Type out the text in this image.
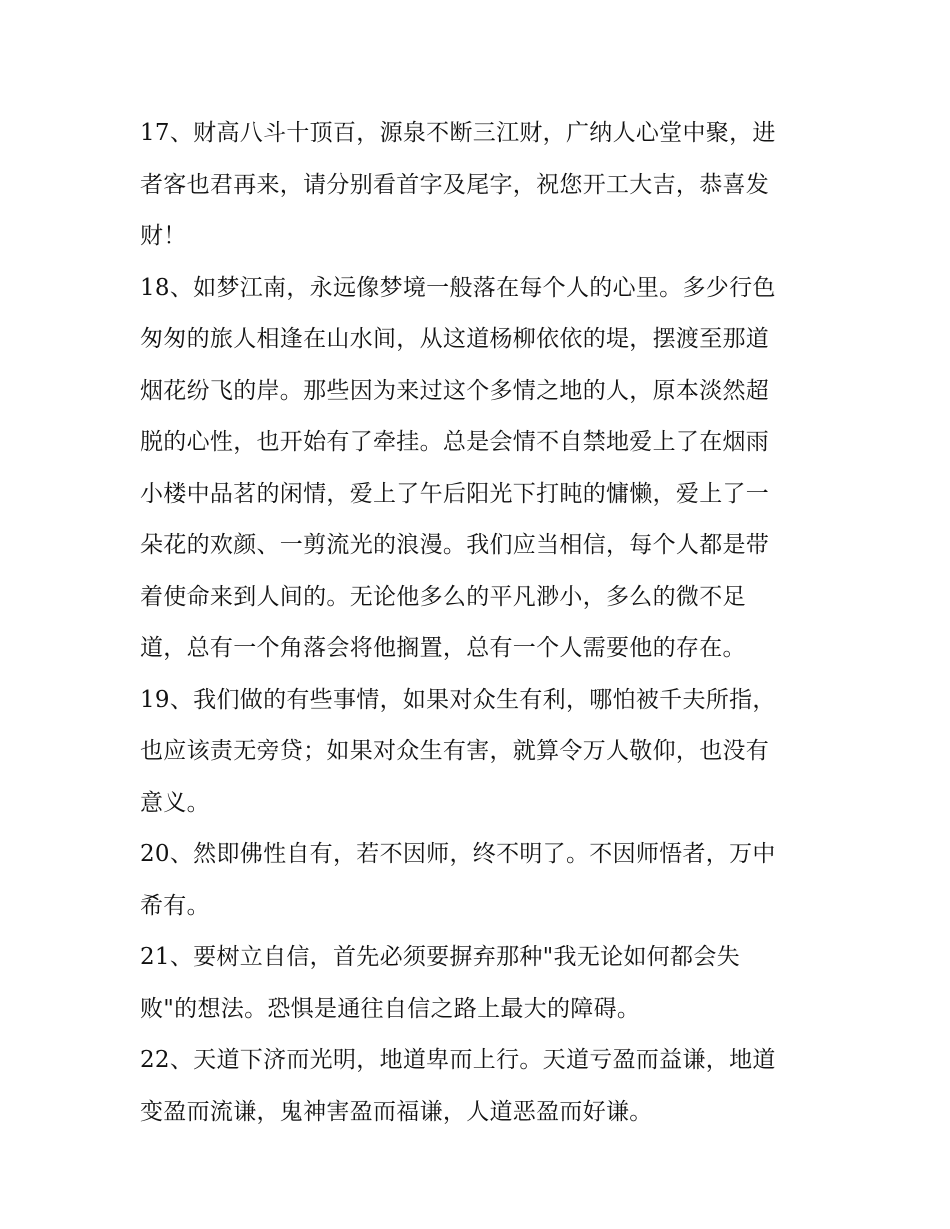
17、财高八斗十顶百，源泉不断三江财，广纳人心堂中聚，进
者客也君再来，请分别看首字及尾字，祝您开工大吉，恭喜发
财！

18、如梦江南，永远像梦境一般落在每个人的心里。多少行色
匆匆的旅人相逢在山水间，从这道杨柳依依的堤，摆渡至那道
烟花纷飞的岸。那些因为来过这个多情之地的人，原本淡然超
脱的心性，也开始有了牵挂。总是会情不自禁地爱上了在烟雨
小楼中品茗的闲情，爱上了午后阳光下打盹的慵懒，爱上了一
朵花的欢颜、一剪流光的浪漫。我们应当相信，每个人都是带
着使命来到人间的。无论他多么的平凡渺小，多么的微不足
道，总有一个角落会将他搁置，总有一个人需要他的存在。

19、我们做的有些事情，如果对众生有利，哪怕被千夫所指，
也应该责无旁贷；如果对众生有害，就算令万人敬仰，也没有
意义。

20、然即佛性自有，若不因师，终不明了。不因师悟者，万中
希有。

21、要树立自信，首先必须要摒弃那种"我无论如何都会失
败"的想法。恐惧是通往自信之路上最大的障碍。

22、天道下济而光明，地道卑而上行。天道亏盈而益谦，地道
变盈而流谦，鬼神害盈而福谦，人道恶盈而好谦。
